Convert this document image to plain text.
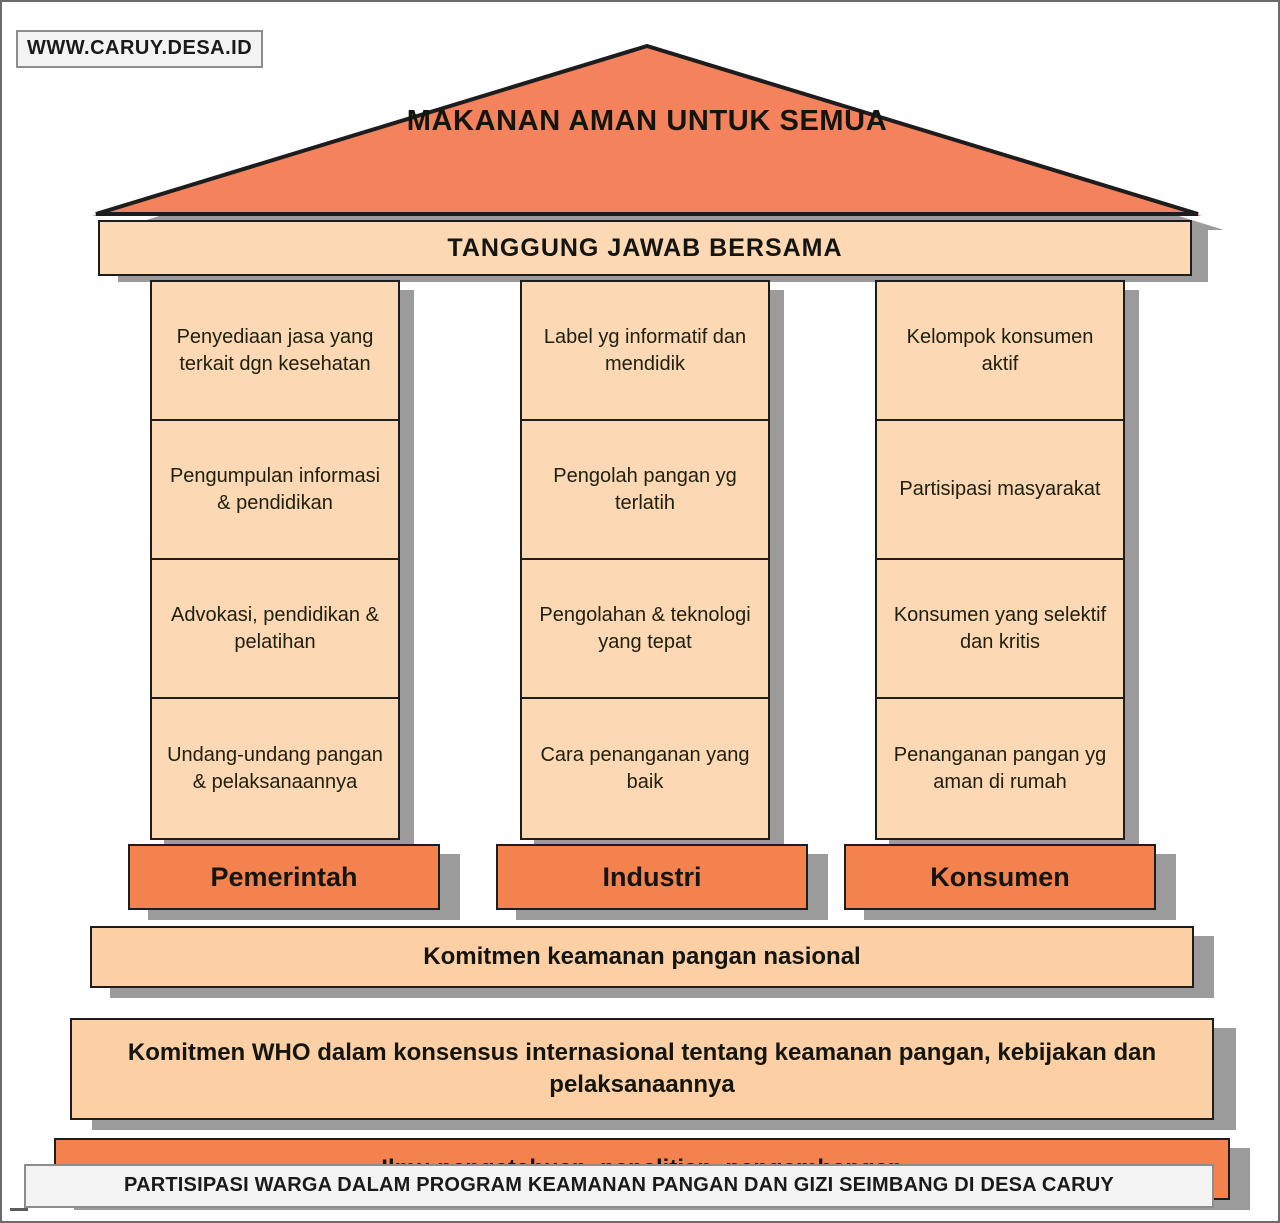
WWW.CARUY.DESA.ID
MAKANAN AMAN UNTUK SEMUA
TANGGUNG JAWAB BERSAMA
Penyediaan jasa yang terkait dgn kesehatan
Pengumpulan informasi & pendidikan
Advokasi, pendidikan & pelatihan
Undang-undang pangan & pelaksanaannya
Label yg informatif dan mendidik
Pengolah pangan yg terlatih
Pengolahan & teknologi yang tepat
Cara penanganan yang baik
Kelompok konsumen aktif
Partisipasi masyarakat
Konsumen yang selektif dan kritis
Penanganan pangan yg aman di rumah
Pemerintah	Industri	Konsumen
Komitmen keamanan pangan nasional
Komitmen WHO dalam konsensus internasional tentang keamanan pangan, kebijakan dan pelaksanaannya
PARTISIPASI WARGA DALAM PROGRAM KEAMANAN PANGAN DAN GIZI SEIMBANG DI DESA CARUY
